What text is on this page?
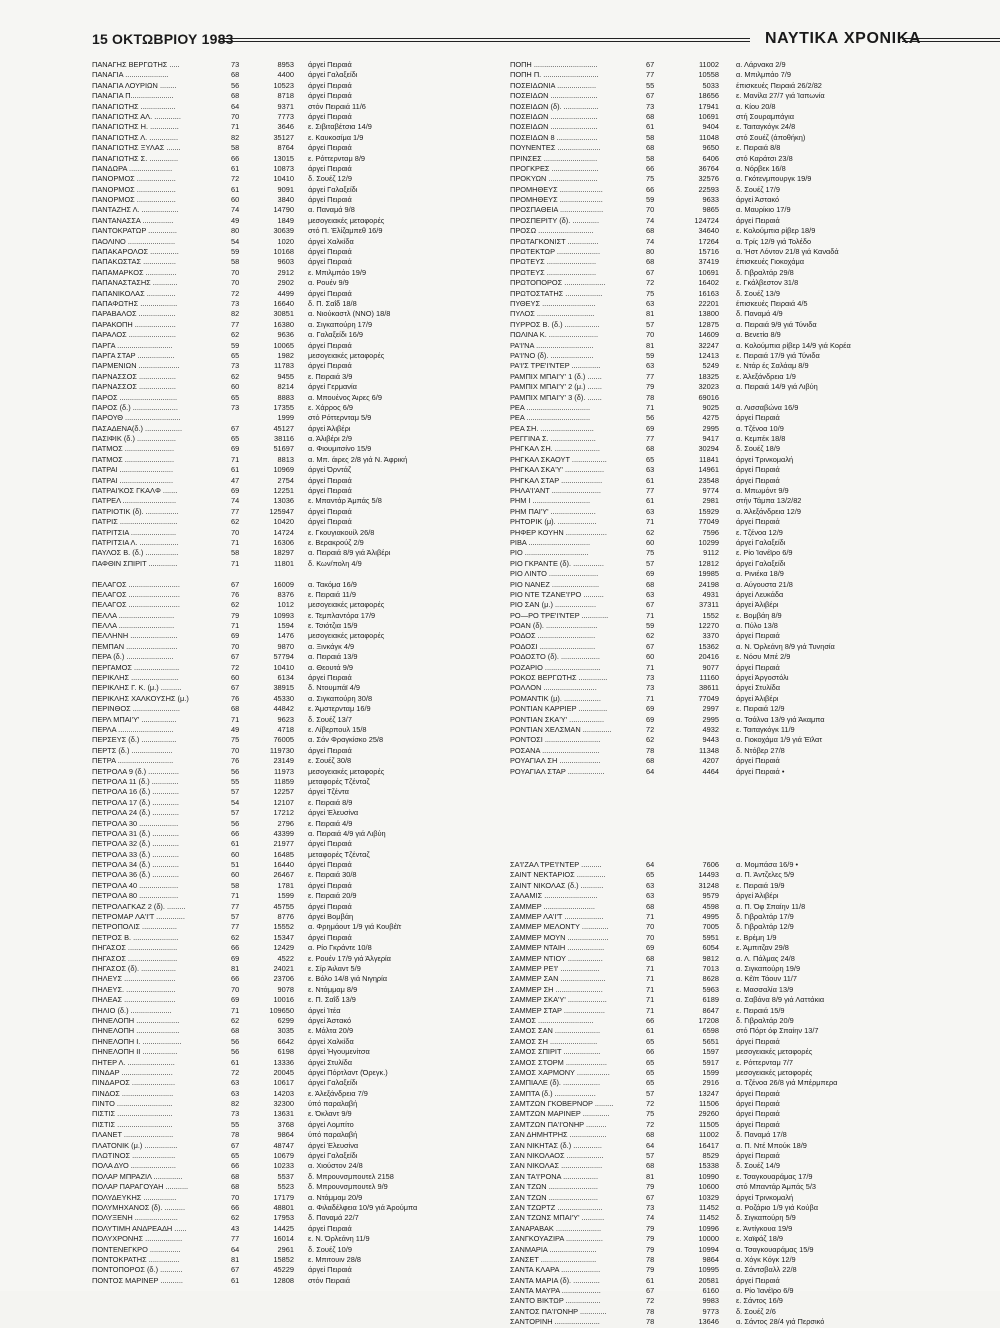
15 ΟΚΤΩΒΡΙΟΥ 1983	ΝΑΥΤΙΚΑ ΧΡΟΝΙΚΑ
ΠΑΝΑΓΗΣ ΒΕΡΓΩΤΗΣ .....	73	8953 άργεί Πειραιά
ΠΑΝΑΓΙΑ .....................	68	4400 άργεί Γαλαξείδι
ΠΑΝΑΓΙΑ ΛΟΥΡΙΩΝ ........	56	10523 άργεί Πειραιά
ΠΑΝΑΓΙΑ Π.....................	68	8718 άργεί Πειραιά
ΠΑΝΑΓΙΩΤΗΣ .................	64	9371 στόν Πειραιά 11/6
ΠΑΝΑΓΙΩΤΗΣ ΑΛ. .............	70	7773 άργεί Πειραιά
ΠΑΝΑΓΙΩΤΗΣ Η. ..............	71	3646 ε. Σιβιταβέτσια 14/9
ΠΑΝΑΓΙΩΤΗΣ Λ. ..............	82	35127 ε. Καυκοσίμα 1/9
ΠΑΝΑΓΙΩΤΗΣ ΞΥΛΑΣ .......	58	8764 άργεί Πειραιά
ΠΑΝΑΓΙΩΤΗΣ Σ. ..............	66	13015 ε. Ρόττερνταμ 8/9
ΠΑΝΔΩΡΑ .....................	61	10873 άργεί Πειραιά
ΠΑΝΟΡΜΟΣ ...................	72	10410 δ. Σουέζ 12/9
ΠΑΝΟΡΜΟΣ ...................	61	9091 άργεί Γαλαξείδι
ΠΑΝΟΡΜΟΣ ...................	60	3840 άργεί Πειραιά
ΠΑΝΤΑΖΗΣ Λ. ..................	74	14790 α. Παναμά 9/8
ΠΑΝΤΑΝΑΣΣΑ ...............	49	1849 μεσογειακές μεταφορές
ΠΑΝΤΟΚΡΑΤΩΡ ..............	80	30639 στό Π. Έλίζαμπεθ 16/9
ΠΑΟΛΙΝΟ .......................	54	1020 άργεί Χαλκίδα
ΠΑΠΑΚΑΡΟΛΟΣ ..............	59	10168 άργεί Πειραιά
ΠΑΠΑΚΩΣΤΑΣ ................	58	9603 άργεί Πειραιά
ΠΑΠΑΜΑΡΚΟΣ ...............	70	2912 ε. Μπιλμπάο 19/9
ΠΑΠΑΝΑΣΤΑΣΗΣ ............	70	2902 α. Ρουέν 9/9
ΠΑΠΑΝΙΚΟΛΑΣ ..............	72	4499 άργεί Πειραιά
ΠΑΠΑΦΩΤΗΣ ..................	73	16640 δ. Π. Σαΐδ 18/8
ΠΑΡΑΒΑΛΟΣ ..................	82	30851 α. Νιούκαστλ (ΝΝΟ) 18/8
ΠΑΡΑΚΟΠΗ ....................	77	16380 α. Σιγκαπούρη 17/9
ΠΑΡΑΛΟΣ .......................	62	9636 α. Γαλαξείδι 16/9
ΠΑΡΓΑ ...........................	59	10065 άργεί Πειραιά
ΠΑΡΓΑ ΣΤΑΡ ..................	65	1982 μεσογειακές μεταφορές
ΠΑΡΜΕΝΙΩΝ ....................	73	11783 άργεί Πειραιά
ΠΑΡΝΑΣΣΟΣ ..................	62	9455 ε. Πειραιά 3/9
ΠΑΡΝΑΣΣΟΣ ..................	60	8214 άργεί Γερμανία
ΠΑΡΟΣ ............................	65	8883 α. Μπουένος Άιρες 6/9
ΠΑΡΟΣ (δ.) ......................	73	17355 ε. Χάρρος 6/9
ΠΑΡΟΥΘ ...........................	1999 στό Ρόττερνταμ 5/9
ΠΑΣΑΔΕΝΑ(δ.) ..................	67	45127 άργεί Άλιβέρι
ΠΑΣΙΦΙΚ (δ.) ...................	65	38116 α. Άλιβέρι 2/9
ΠΑΤΜΟΣ ........................	69	51697 α. Φιουμιτσίνο 15/9
ΠΑΤΜΟΣ ........................	71	8813 α. Μπ. άιρες 2/8 γιά Ν. Άφρική
ΠΑΤΡΑΙ ..........................	61	10969 άργεί Όρντάζ
ΠΑΤΡΑΙ ..........................	47	2754 άργεί Πειραιά
ΠΑΤΡΑΙ'ΚΟΣ ΓΚΑΛΦ .......	69	12251 άργεί Πειραιά
ΠΑΤΡΕΛ ..........................	74	13036 ε. Μπαντάρ Άμπάς 5/8
ΠΑΤΡΙΟΤΙΚ (δ). ................	77	125947 άργεί Πειραιά
ΠΑΤΡΙΣ ............................	62	10420 άργεί Πειραιά
ΠΑΤΡΙΤΣΙΑ ......................	70	14724 ε. Γκουγιακουίλ 26/8
ΠΑΤΡΙΤΣΙΑ Λ. ...................	71	16306 ε. Βερακρούζ 2/9
ΠΑΥΛΟΣ Β. (δ.) ................	58	18297 α. Πειραιά 8/9 γιά Άλιβέρι
ΠΑΦΘΙΝ ΣΠΙΡΙΤ ..............	71	11801 δ. Κων/πολη 4/9
ΠΕΛΑΓΟΣ .........................	67	16009 α. Τακόμα 16/9
ΠΕΛΑΓΟΣ .........................	76	8376 ε. Πειραιά 11/9
ΠΕΛΑΓΟΣ .........................	62	1012 μεσογειακές μεταφορές
ΠΕΛΛΑ ...........................	79	10993 ε. Τεμπλαντόρα 17/9
ΠΕΛΛΑ ...........................	71	1594 ε. Τσιότζια 15/9
ΠΕΛΛΗΝΗ .......................	69	1476 μεσογειακές μεταφορές
ΠΕΜΠΑΝ .........................	70	9870 α. Ξινκάγκ 4/9
ΠΕΡΑ (δ.) .......................	67	57794 α. Πειραιά 13/9
ΠΕΡΓΑΜΟΣ ......................	72	10410 α. Θεουτά 9/9
ΠΕΡΙΚΛΗΣ .......................	60	6134 άργεί Πειραιά
ΠΕΡΙΚΛΗΣ Γ. Κ. (μ.) ..........	67	38915 δ. Ντουμπάϊ 4/9
ΠΕΡΙΚΛΗΣ ΧΑΛΚΟΥΣΗΣ (μ.)	76	45330 α. Σιγκαπούρη 30/8
ΠΕΡΙΝΘΟΣ .......................	68	44842 ε. Άμστερνταμ 16/9
ΠΕΡΛ ΜΠΑΙ'Υ' .................	71	9623 δ. Σουέζ 13/7
ΠΕΡΛΑ ...........................	49	4718 ε. Λίβερπουλ 15/8
ΠΕΡΣΕΥΣ (δ.) .................	75	76005 α. Σάν Φραγκίσκο 25/8
ΠΕΡΤΣ (δ.) ....................	70	119730 άργεί Πειραιά
ΠΕΤΡΑ ...........................	76	23149 ε. Σουέζ 30/8
ΠΕΤΡΟΛΑ 9 (δ.) ...............	56	11973 μεσογειακές μεταφορές
ΠΕΤΡΟΛΑ 11 (δ.) .............	55	11859 μεταφορές Τζένταζ
ΠΕΤΡΟΛΑ 16 (δ.) .............	57	12257 άργεί Τζέντα
ΠΕΤΡΟΛΑ 17 (δ.) .............	54	12107 ε. Πειραιά 8/9
ΠΕΤΡΟΛΑ 24 (δ.) .............	57	17212 άργεί Έλευσίνα
ΠΕΤΡΟΛΑ 30 ...................	56	2796 ε. Πειραιά 4/9
ΠΕΤΡΟΛΑ 31 (δ.) .............	66	43399 α. Πειραιά 4/9 γιά Λιβύη
ΠΕΤΡΟΛΑ 32 (δ.) .............	61	21977 άργεί Πειραιά
ΠΕΤΡΟΛΑ 33 (δ.) .............	60	16485 μεταφορές Τζένταζ
ΠΕΤΡΟΛΑ 34 (δ.) .............	51	16440 άργεί Πειραιά
ΠΕΤΡΟΛΑ 36 (δ.) .............	60	26467 ε. Πειραιά 30/8
ΠΕΤΡΟΛΑ 40 ...................	58	1781 άργεί Πειραιά
ΠΕΤΡΟΛΑ 80 ...................	71	1599 ε. Πειραιά 20/9
ΠΕΤΡΟΛΑΓΚΑΖ 2 (δ). .........	77	45755 άργεί Πειραιά
ΠΕΤΡΟΜΑΡ ΛΑ'Ι'Τ ..............	57	8776 άργεί Βομβάη
ΠΕΤΡΟΠΟΛΙΣ .................	77	15552 α. Φρημάουτ 1/9 γιά Κουβέϊτ
ΠΕΤΡΟΣ Β. ......................	62	15347 άργεί Πειραιά
ΠΗΓΑΣΟΣ ........................	66	12429 α. Ρίο Γκράντε 10/8
ΠΗΓΑΣΟΣ ........................	69	4522 ε. Ρουέν 17/9 γιά Άλγερία
ΠΗΓΑΣΟΣ (δ). .................	81	24021 ε. Σίρ Άιλαντ 5/9
ΠΗΛΕΥΣ .........................	66	23706 ε. Βόλο 14/8 γιά Νιγηρία
ΠΗΛΕΥΣ. ........................	70	9078 ε. Ντάμμαμ 8/9
ΠΗΛΕΑΣ .........................	69	10016 ε. Π. Σαΐδ 13/9
ΠΗΛΙΟ (δ.) ....................	71	109650 άργεί Ίτέα
ΠΗΝΕΛΟΠΗ .....................	62	6299 άργεί Άστακό
ΠΗΝΕΛΟΠΗ .....................	68	3035 ε. Μάλτα 20/9
ΠΗΝΕΛΟΠΗ Ι. ...................	56	6642 άργεί Χαλκίδα
ΠΗΝΕΛΟΠΗ ΙΙ .................	56	6198 άργεί Ήγουμενίτσα
ΠΗΤΕΡ Λ. .......................	61	13336 άργεί Στυλίδα
ΠΙΝΔΑΡ .........................	72	20045 άργεί Πόρτλαντ (Όρεγκ.)
ΠΙΝΔΑΡΟΣ .....................	63	10617 άργεί Γαλαξείδι
ΠΙΝΔΟΣ .........................	63	14203 ε. Άλεξάνδρεια 7/9
ΠΙΝΤΟ ...........................	82	32300 ύπό παραλαβή
ΠΙΣΤΙΣ ...........................	73	13631 ε. Όκλαντ 9/9
ΠΙΣΤΙΣ ...........................	55	3768 άργεί Λομπίτο
ΠΛΑΝΕΤ ........................	78	9864 ύπό παραλαβή
ΠΛΑΤΟΝΙΚ (μ.) ................	67	48747 άργεί Έλευσίνα
ΠΛΩΤΙΝΟΣ .....................	65	10679 άργεί Γαλαξείδι
ΠΟΛΑ ΔΥΟ ......................	66	10233 α. Χιούστον 24/8
ΠΟΛΑΡ ΜΠΡΑΖΙΛ ..............	68	5537 δ. Μπρουνσμπουτελ 2158
ΠΟΛΑΡ ΠΑΡΑΓΟΥΑΗ ...........	68	5523 δ. Μπρουνσμπουτελ 9/9
ΠΟΛΥΔΕΥΚΗΣ ................	70	17179 α. Ντάμμαμ 20/9
ΠΟΛΥΜΗΧΑΝΟΣ (δ). ..........	66	48801 α. Φιλαδέλφεια 10/9 γιά Άρούμπα
ΠΟΛΥΞΕΝΗ .....................	62	17953 δ. Παναμά 22/7
ΠΟΛΥΤΙΜΗ ΑΝΔΡΕΑΔΗ ......	43	14425 άργεί Πειραιά
ΠΟΛΥΧΡΟΝΗΣ ..................	77	16014 ε. Ν. Όρλεάνη 11/9
ΠΟΝΤΕΝΕΓΚΡΟ ...............	64	2961 δ. Σουέζ 10/9
ΠΟΝΤΟΚΡΑΤΗΣ ...............	81	15852 ε. Μπιτουιν 28/8
ΠΟΝΤΟΠΟΡΟΣ (δ.) ...........	67	45229 άργεί Πειραιά
ΠΟΝΤΟΣ ΜΑΡΙΝΕΡ ...........	61	12808 στόν Πειραιά
ΠΟΠΗ ...............................	67	11002 α. Λάρνακα 2/9
ΠΟΠΗ Π. ...........................	77	10558 α. Μπιλμπάο 7/9
ΠΟΣΕΙΔΩΝΙΑ ...................	55	5033 έπισκευές Πειραιά 26/2/82
ΠΟΣΕΙΔΩΝ .......................	67	18656 ε. Μανίλα 27/7 γιά Ίαπωνία
ΠΟΣΕΙΔΩΝ (δ). .................	73	17941 α. Κίου 20/8
ΠΟΣΕΙΔΩΝ .......................	68	10691 στή Σουραμπάγια
ΠΟΣΕΙΔΩΝ .......................	61	9404 ε. Ταιταγκόγκ 24/8
ΠΟΣΕΙΔΩΝ 8 ....................	58	11048 στό Σουέζ (άποθήκη)
ΠΟΥΝΕΝΤΕΣ .....................	68	9650 ε. Πειραιά 8/8
ΠΡΙΝΣΕΣ ..........................	58	6406 στό Καράτσι 23/8
ΠΡΟΓΚΡΕΣ .......................	66	36764 α. Νόρβεκ 16/8
ΠΡΟΚΥΩΝ ........................	75	32576 α. Γκότενμπουργκ 19/9
ΠΡΟΜΗΘΕΥΣ .....................	66	22593 δ. Σουέζ 17/9
ΠΡΟΜΗΘΕΥΣ .....................	59	9633 άργεί Άστακό
ΠΡΟΣΠΑΘΕΙΑ .....................	70	9865 α. Μαυρίκιο 17/9
ΠΡΟΣΠΕΡΙΤΥ (δ). .............	74	124724 άργεί Πειραιά
ΠΡΟΣΩ ...........................	68	34640 ε. Κολούμπια ρίβερ 18/9
ΠΡΩΤΑΓΚΟΝΙΣΤ ...............	74	17264 α. Τρίς 12/9 γιά Τολέδο
ΠΡΩΤΕΚΤΩΡ .....................	80	15716 α. Ήστ Λόντον 21/8 γιά Καναδά
ΠΡΩΤΕΥΣ ........................	68	37419 έπισκευές Γιοκοχάμα
ΠΡΩΤΕΥΣ ........................	67	10691 δ. Γιβραλτάρ 29/8
ΠΡΩΤΟΠΟΡΟΣ ....................	72	16402 ε. Γκάλβεστον 31/8
ΠΡΩΤΟΣΤΑΤΗΣ ..................	75	16163 δ. Σουέζ 13/9
ΠΥΘΕΥΣ ..........................	63	22201 έπισκευές Πειραιά 4/5
ΠΥΛΟΣ ............................	81	13800 δ. Παναμά 4/9
ΠΥΡΡΟΣ Β. (δ.) .................	57	12875 α. Πειραιά 9/9 γιά Τύνιδα
ΠΩΛΙΝΑ Κ. ........................	70	14609 α. Βενετία 8/9
ΡΑ'Ι'ΝΑ ............................	81	32247 α. Κολούμπια ρίβερ 14/9 γιά Κορέα
ΡΑ'Ι'ΝΟ (δ). .....................	59	12413 ε. Πειραιά 17/9 γιά Τύνιδα
ΡΑ'Ι'Σ ΤΡΕ'Ι'ΝΤΕΡ ..............	63	5249 ε. Ντάρ ές Σαλάαμ 8/9
ΡΑΜΠΙΧ ΜΠΑΙ'Υ' 1 (δ.) .......	77	18325 ε. Άλεξάνδρεια 1/9
ΡΑΜΠΙΧ ΜΠΑΙ'Υ' 2 (μ.) .......	79	32023 α. Πειραιά 14/9 γιά Λιβύη
ΡΑΜΠΙΧ ΜΠΑΙ'Υ' 3 (δ). .......	78	69016
ΡΕΑ ...............................	71	9025 α. Λισσαβώνα 16/9
ΡΕΑ ...............................	56	4275 άργεί Πειραιά
ΡΕΑ ΣΗ. ..........................	69	2995 α. Τζένοα 10/9
ΡΕΓΓΙΝΑ Σ. ......................	77	9417 α. Κεμπέκ 18/8
ΡΗΓΚΑΛ ΣΗ. ......................	68	30294 δ. Σουέζ 18/9
ΡΗΓΚΑΛ ΣΚΑΟΥΤ .................	65	11841 άργεί Τρινκομαλή
ΡΗΓΚΑΛ ΣΚΑ'Υ' ...................	63	14961 άργεί Πειραιά
ΡΗΓΚΑΛ ΣΤΑΡ ....................	61	23548 άργεί Πειραιά
ΡΗΛΑ'Ι'ΑΝΤ ........................	77	9774 α. Μπωμόντ 9/9
ΡΗΜ Ι ............................	61	2981 στήν Τάμπα 13/2/82
ΡΗΜ ΠΑΙ'Υ' ......................	63	15929 α. Άλεξάνδρεια 12/9
ΡΗΤΟΡΙΚ (μ). ...................	71	77049 άργεί Πειραιά
ΡΗΦΕΡ ΚΟΥΗΝ ....................	62	7596 ε. Τζένοα 12/9
ΡΙΒΑ ..............................	60	10299 άργεί Γαλαξείδι
ΡΙΟ ...............................	75	9112 ε. Ρίο Ίανέϊρο 6/9
ΡΙΟ ΓΚΡΑΝΤΕ (δ). ...............	57	12812 άργεί Γαλαξείδι
ΡΙΟ ΛΙΝΤΟ ........................	69	19985 α. Ρινιέκα 18/9
ΡΙΟ ΝΑΝΕΖ .......................	68	24198 α. Αύγουστα 21/8
ΡΙΟ ΝΤΕ ΤΖΑΝΕ'Ι'ΡΟ ..........	63	4931 άργεί Λευκάδα
ΡΙΟ ΣΑΝ (μ.) ....................	67	37311 άργεί Άλιβέρι
ΡΟ—ΡΟ ΤΡΕ'Ι'ΝΤΕΡ .............	71	1552 ε. Βομβάη 8/9
ΡΟΑΝ (δ). .........................	59	12270 α. Πύλο 13/8
ΡΟΔΟΣ ............................	62	3370 άργεί Πειραιά
ΡΟΔΟΣΙ ...........................	67	15362 α. Ν. Όρλεάνη 8/9 γιά Τυνησία
ΡΟΔΟΣΤΟ (δ). ...................	60	20416 ε. Νόσυ Μπέ 2/9
ΡΟΖΑΡΙΟ ...........................	71	9077 άργεί Πειραιά
ΡΟΚΟΣ ΒΕΡΓΩΤΗΣ ..............	73	11160 άργεί Άργοστόλι
ΡΟΛΛΟΝ ..........................	73	38611 άργεί Στυλίδα
ΡΟΜΑΝΤΙΚ (μ). ..................	71	77049 άργεί Άλιβέρι
ΡΟΝΤΙΑΝ ΚΑΡΡΙΕΡ ..............	69	2997 ε. Πειραιά 12/9
ΡΟΝΤΙΑΝ ΣΚΑ'Υ' .................	69	2995 α. Τσάλνα 13/9 γιά Άκαμπα
ΡΟΝΤΙΑΝ ΧΕΛΣΜΑΝ ..............	72	4932 ε. Ταιταγκόγκ 11/9
ΡΟΝΤΟΣΙ ...........................	62	9443 α. Γιοκοχάμα 1/9 γιά Έϊλατ
ΡΟΣΑΝΑ ............................	78	11348 δ. Ντόβερ 27/8
ΡΟΥΑΓΙΑΛ ΣΗ ....................	68	4207 άργεί Πειραιά
ΡΟΥΑΓΙΑΛ ΣΤΑΡ ..................	64	4464 άργεί Πειραιά •
ΣΑ'Ι'ΖΑΛ ΤΡΕ'Ι'ΝΤΕΡ ..........	64	7606 α. Μομπάσα 16/9 •
ΣΑΙΝΤ ΝΕΚΤΑΡΙΟΣ ..............	65	14493 α. Π. Άντζελες 5/9
ΣΑΙΝΤ ΝΙΚΟΛΑΣ (δ.) ...........	63	31248 ε. Πειραιά 19/9
ΣΑΛΑΜΙΣ ..........................	63	9579 άργεί Άλιβέρι
ΣΑΜΜΕΡ .........................	68	4598 α. Π. Όφ Σπαίην 11/8
ΣΑΜΜΕΡ ΛΑ'Ι'Τ ...................	71	4995 δ. Γιβραλτάρ 17/9
ΣΑΜΜΕΡ ΜΕΛΟΝΤΥ .............	70	7005 δ. Γιβραλτάρ 12/9
ΣΑΜΜΕΡ ΜΟΥΝ ....................	70	5951 ε. Βρέμη 1/9
ΣΑΜΜΕΡ ΝΤΑΙΗ ..................	69	6054 ε. Άμπιτζαν 29/8
ΣΑΜΜΕΡ ΝΤΙΟΥ .................	68	9812 α. Λ. Πάλμας 24/8
ΣΑΜΜΕΡ ΡΕ'Ι' ...................	71	7013 α. Σιγκαπούρη 19/9
ΣΑΜΜΕΡ ΣΑΝ ......................	71	8628 α. Κέϊπ Τάουν 11/7
ΣΑΜΜΕΡ ΣΗ .......................	71	5963 ε. Μασσαλία 13/9
ΣΑΜΜΕΡ ΣΚΑ'Υ' ...................	71	6189 α. Σαβάνα 8/9 γιά Λαττάκια
ΣΑΜΜΕΡ ΣΤΑΡ ....................	71	8647 ε. Πειραιά 15/9
ΣΑΜΟΣ ...........................	66	17208 δ. Γιβραλτάρ 20/9
ΣΑΜΟΣ ΣΑΝ ......................	61	6598 στό Πόρτ όφ Σπαίην 13/7
ΣΑΜΟΣ ΣΗ .......................	65	5651 άργεί Πειραιά
ΣΑΜΟΣ ΣΠΙΡΙΤ ..................	66	1597 μεσογειακές μεταφορές
ΣΑΜΟΣ ΣΤΟΡΜ ....................	65	5917 ε. Ρόττερνταμ 7/7
ΣΑΜΟΣ ΧΑΡΜΟΝΥ ................	65	1599 μεσογειακές μεταφορές
ΣΑΜΠΙΑΛΕ (δ). ..................	65	2916 α. Τζένοα 26/8 γιά Μπέρμπερα
ΣΑΜΠΤΑ (δ.) ....................	57	13247 άργεί Πειραιά
ΣΑΜΤΖΩΝ ΓΚΟΒΕΡΝΟΡ .........	72	11506 άργεί Πειραιά
ΣΑΜΤΖΩΝ ΜΑΡΙΝΕΡ .............	75	29260 άργεί Πειραιά
ΣΑΜΤΖΩΝ ΠΑ'Ι'ΟΝΗΡ ..........	72	11505 άργεί Πειραιά
ΣΑΝ ΔΗΜΗΤΡΗΣ ..................	68	11002 δ. Παναμά 17/8
ΣΑΝ ΝΙΚΗΤΑΣ (δ.) ..............	64	16417 α. Π. Ντέ Μπούκ 18/9
ΣΑΝ ΝΙΚΟΛΑΟΣ ..................	57	8529 άργεί Πειραιά
ΣΑΝ ΝΙΚΟΛΑΣ ....................	68	15338 δ. Σουέζ 14/9
ΣΑΝ ΤΑ'Ι'ΡΟΝΑ .................	81	10990 ε. Τσαγκουαράμας 17/9
ΣΑΝ ΤΖΩΝ ........................	79	10600 στό Μπαντάρ Άμπάς 5/3
ΣΑΝ ΤΖΩΝ ........................	67	10329 άργεί Τρινκομαλή
ΣΑΝ ΤΖΩΡΤΖ ......................	73	11452 α. Ροζάριο 1/9 γιά Κούβα
ΣΑΝ ΤΖΩΝΣ ΜΠΑΙ'Υ' ...........	74	11452 δ. Σιγκαπούρη 5/9
ΣΑΝΑΡΑΒΑΚ ......................	79	10996 ε. Άντίγκουα 19/9
ΣΑΝΓΚΟΥΑΖΙΡΑ ..................	79	10000 ε. Χαϊφάζ 18/9
ΣΑΝΜΑΡΙΑ .......................	79	10994 α. Τσαγκουαράμας 15/9
ΣΑΝΣΕΤ ...........................	78	9864 α. Χόγκ Κόγκ 12/9
ΣΑΝΤΑ ΚΛΑΡΑ ...................	79	10995 α. Σάντσβαλλ 22/8
ΣΑΝΤΑ ΜΑΡΙΑ (δ). .............	61	20581 άργεί Πειραιά
ΣΑΝΤΑ ΜΑΥΡΑ ...................	67	6160 α. Ρίο Ίανέϊρο 6/9
ΣΑΝΤΟ ΒΙΚΤΩΡ .................	72	9983 ε. Σάντος 16/9
ΣΑΝΤΟΣ ΠΑ'Ι'ΟΝΗΡ .............	78	9773 δ. Σουέζ 2/6
ΣΑΝΤΟΡΙΝΗ ......................	78	13646 α. Σάντος 28/4 γιά Περσικό
